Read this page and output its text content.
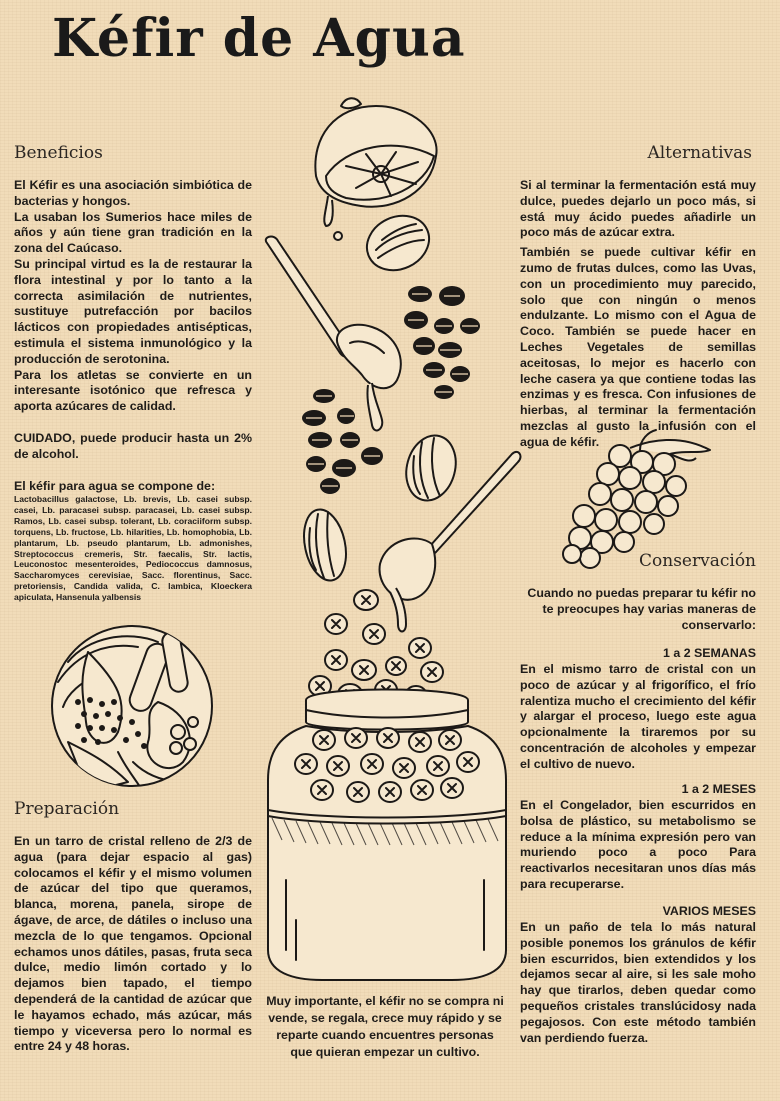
Kéfir de Agua
Beneficios

El Kéfir es una asociación simbiótica de bacterias y hongos.

La usaban los Sumerios hace miles de años y aún tiene gran tradición en la zona del Caúcaso.

Su principal virtud es la de restaurar la flora intestinal y por lo tanto a la correcta asimilación de nutrientes, sustituye putrefacción por bacilos lácticos con propiedades antisépticas, estimula el sistema inmunológico y la producción de serotonina.

Para los atletas se convierte en un interesante isotónico que refresca y aporta azúcares de calidad.

CUIDADO, puede producir hasta un 2% de alcohol.
El kéfir para agua se compone de:
Lactobacillus galactose, Lb. brevis, Lb. casei subsp. casei, Lb. paracasei subsp. paracasei, Lb. casei subsp. Ramos, Lb. casei subsp. tolerant, Lb. coraciiform subsp. torquens, Lb. fructose, Lb. hilarities, Lb. homophobia, Lb. plantarum, Lb. pseudo plantarum, Lb. admonishes, Streptococcus cremeris, Str. faecalis, Str. lactis, Leuconostoc mesenteroides, Pediococcus damnosus, Saccharomyces cerevisiae, Sacc. florentinus, Sacc. pretoriensis, Candida valida, C. lambica, Kloeckera apiculata, Hansenula yalbensis
Preparación
En un tarro de cristal relleno de 2/3 de agua (para dejar espacio al gas) colocamos el kéfir y el mismo volumen de azúcar del tipo que queramos, blanca, morena, panela, sirope de ágave, de arce, de dátiles o incluso una mezcla de lo que tengamos. Opcional echamos unos dátiles, pasas, fruta seca dulce, medio limón cortado y lo dejamos bien tapado, el tiempo dependerá de la cantidad de azúcar que le hayamos echado, más azúcar, más tiempo y viceversa pero lo normal es entre 24 y 48 horas.
Muy importante, el kéfir no se compra ni vende, se regala, crece muy rápido y se reparte cuando encuentres personas que quieran empezar un cultivo.
Alternativas

Si al terminar la fermentación está muy dulce, puedes dejarlo un poco más, si está muy ácido puedes añadirle un poco más de azúcar extra.

También se puede cultivar kéfir en zumo de frutas dulces, como las Uvas, con un procedimiento muy parecido, solo que con ningún o menos endulzante. Lo mismo con el Agua de Coco. También se puede hacer en Leches Vegetales de semillas aceitosas, lo mejor es hacerlo con leche casera ya que contiene todas las enzimas y es fresca. Con infusiones de hierbas, al terminar la fermentación mezclas al gusto la infusión con el agua de kéfir.

Conservación
Cuando no puedas preparar tu kéfir no te preocupes hay varias maneras de conservarlo:
1 a 2 SEMANAS
En el mismo tarro de cristal con un poco de azúcar y al frigorífico, el frío ralentiza mucho el crecimiento del kéfir y alargar el proceso, luego este agua opcionalmente la tiraremos por su concentración de alcoholes y empezar el cultivo de nuevo.
1 a 2 MESES
En el Congelador, bien escurridos en bolsa de plástico, su metabolismo se reduce a la mínima expresión pero van muriendo poco a poco Para reactivarlos necesitaran unos días más para recuperarse.
VARIOS MESES
En un paño de tela lo más natural posible ponemos los gránulos de kéfir bien escurridos, bien extendidos y los dejamos secar al aire, si les sale moho hay que tirarlos, deben quedar como pequeños cristales translúcidosy nada pegajosos. Con este método también van perdiendo fuerza.
